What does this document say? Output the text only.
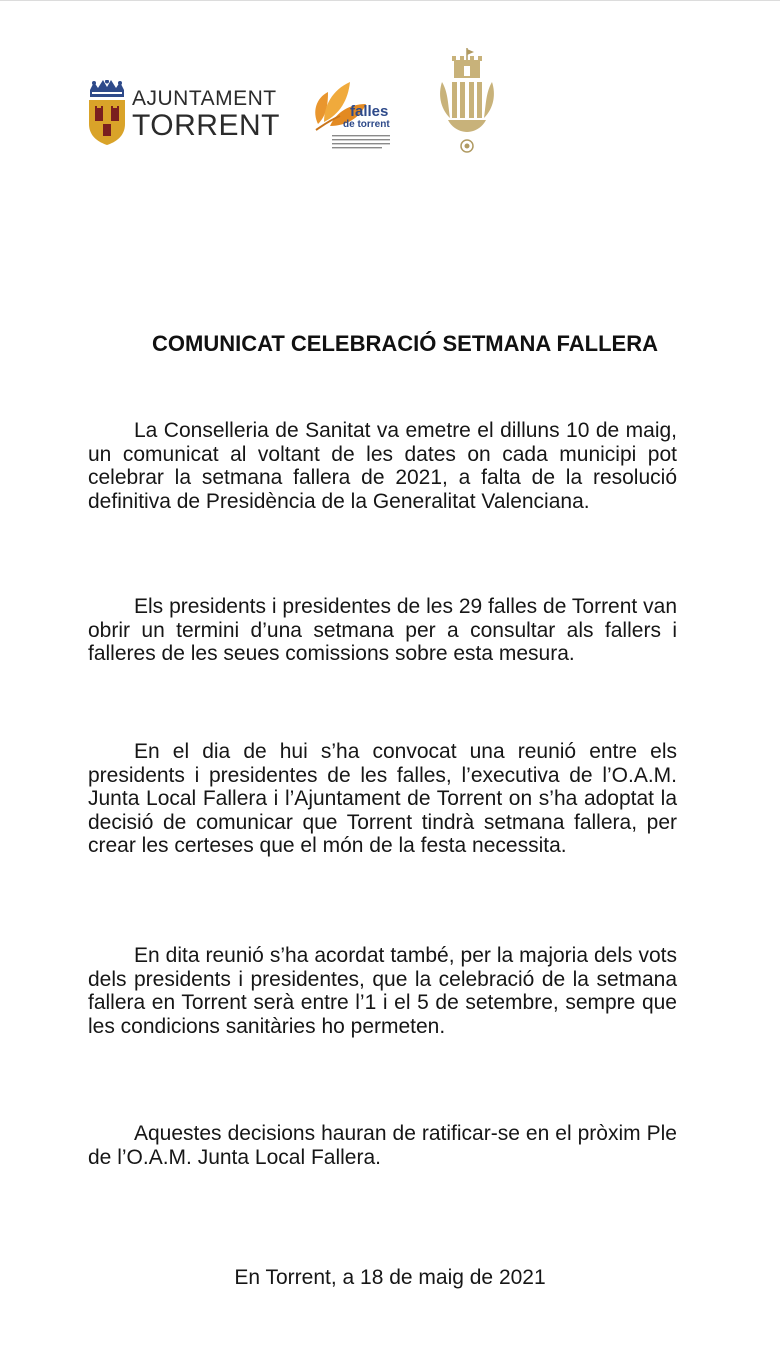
AJUNTAMENT
TORRENT	falles
de torrent
COMUNICAT CELEBRACIÓ SETMANA FALLERA

La Conselleria de Sanitat va emetre el dilluns 10 de maig, un comunicat al voltant de les dates on cada municipi pot celebrar la setmana fallera de 2021, a falta de la resolució definitiva de Presidència de la Generalitat Valenciana.

Els presidents i presidentes de les 29 falles de Torrent van obrir un termini d’una setmana per a consultar als fallers i falleres de les seues comissions sobre esta mesura.

En el dia de hui s’ha convocat una reunió entre els presidents i presidentes de les falles, l’executiva de l’O.A.M. Junta Local Fallera i l’Ajuntament de Torrent on s’ha adoptat la decisió de comunicar que Torrent tindrà setmana fallera, per crear les certeses que el món de la festa necessita.

En dita reunió s’ha acordat també, per la majoria dels vots dels presidents i presidentes, que la celebració de la setmana fallera en Torrent serà entre l’1 i el 5 de setembre, sempre que les condicions sanitàries ho permeten.

Aquestes decisions hauran de ratificar-se en el pròxim Ple de l’O.A.M. Junta Local Fallera.

En Torrent, a 18 de maig de 2021
